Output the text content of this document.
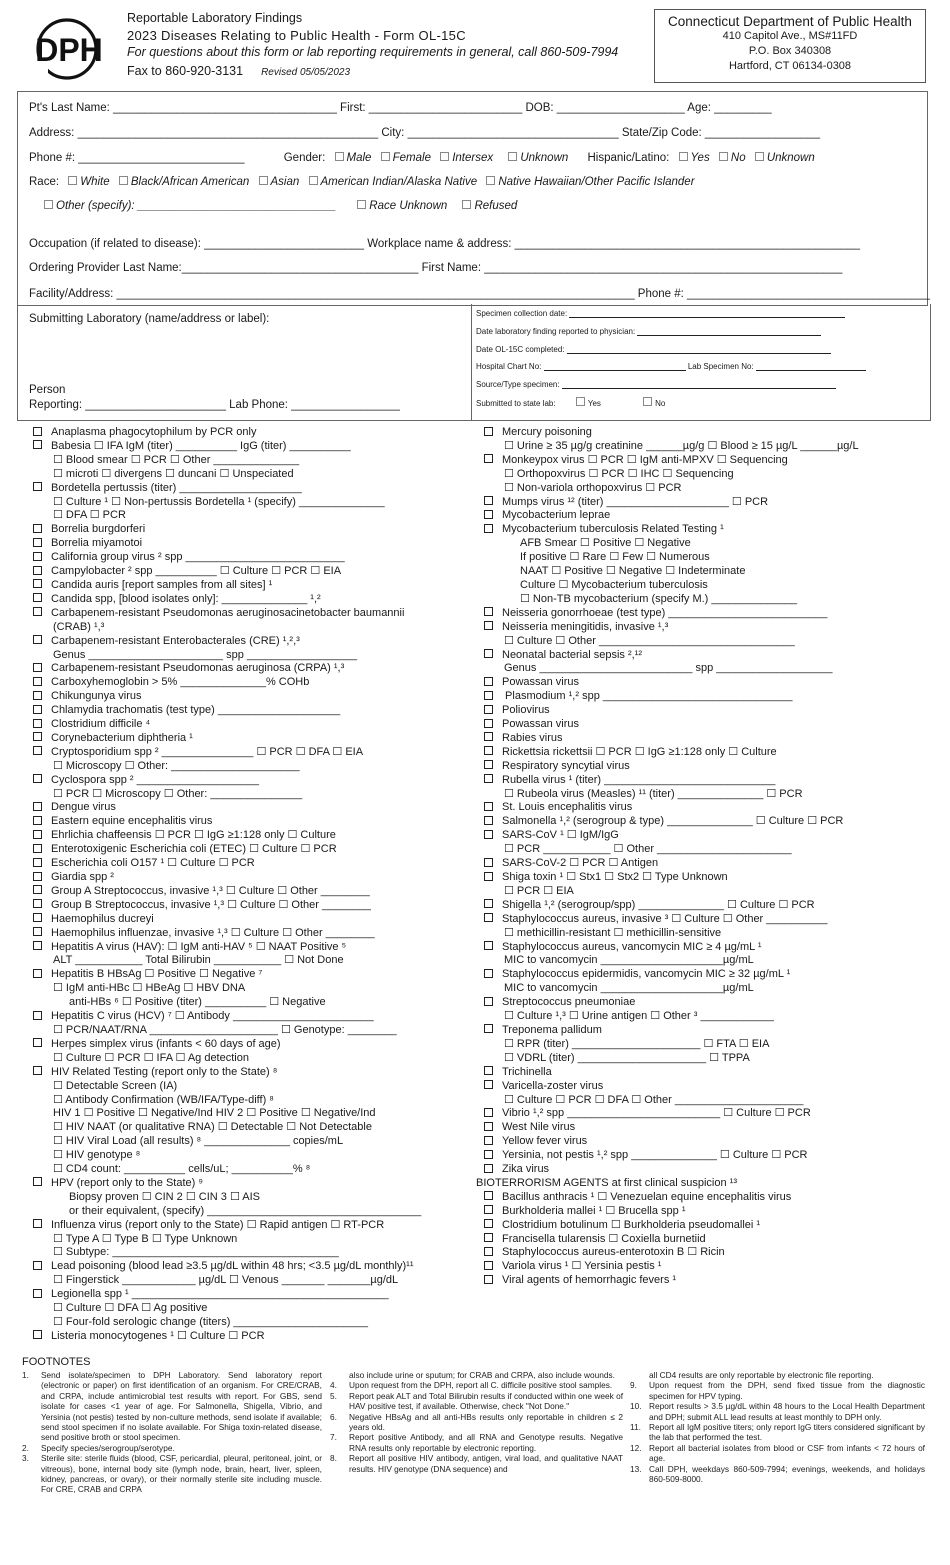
DPH
Reportable Laboratory Findings
2023 Diseases Relating to Public Health - Form OL-15C
For questions about this form or lab reporting requirements in general, call 860-509-7994
Fax to 860-920-3131 Revised 05/05/2023
Connecticut Department of Public Health
410 Capitol Ave., MS#11FD
P.O. Box 340308
Hartford, CT 06134-0308
Pt's Last Name: ___________________________________ First: ________________________ DOB: ____________________ Age: _________
Address: _______________________________________________ City: _________________________________ State/Zip Code: __________________
Phone #: __________________________	Gender: Male Female Intersex Unknown Hispanic/Latino: Yes No Unknown
Race: White Black/African American Asian American Indian/Alaska Native Native Hawaiian/Other Pacific Islander
Other (specify): _______________________________	Race Unknown Refused
Occupation (if related to disease): _________________________ Workplace name & address: ______________________________________________________
Ordering Provider Last Name:_____________________________________ First Name: ________________________________________________________
Facility/Address: _________________________________________________________________________________ Phone #: ______________________________________
Submitting Laboratory (name/address or label):
Person
Reporting: ______________________ Lab Phone: _________________
Specimen collection date:
Date laboratory finding reported to physician:
Date OL-15C completed:
Hospital Chart No:	Lab Specimen No:
Source/Type specimen:
Submitted to state lab:	Yes	No
Anaplasma phagocytophilum by PCR only
Babesia ☐ IFA IgM (titer) __________ IgG (titer) __________
☐ Blood smear ☐ PCR ☐ Other ______________
☐ microti ☐ divergens ☐ duncani ☐ Unspeciated
Bordetella pertussis (titer) ____________________
☐ Culture ¹ ☐ Non-pertussis Bordetella ¹ (specify) ______________
☐ DFA ☐ PCR
Borrelia burgdorferi
Borrelia miyamotoi
California group virus ² spp __________________________
Campylobacter ² spp __________ ☐ Culture ☐ PCR ☐ EIA
Candida auris [report samples from all sites] ¹
Candida spp, [blood isolates only]: ______________ ¹,²
Carbapenem-resistant Pseudomonas aeruginosa​cinetobacter baumannii
(CRAB) ¹,³
Carbapenem-resistant Enterobacterales (CRE) ¹,²,³
Genus ______________________ spp __________________
Carbapenem-resistant Pseudomonas aeruginosa (CRPA) ¹,³
Carboxyhemoglobin > 5% ______________% COHb
Chikungunya virus
Chlamydia trachomatis (test type) ____________________
Clostridium difficile ⁴
Corynebacterium diphtheria ¹
Cryptosporidium spp ² _______________ ☐ PCR ☐ DFA ☐ EIA
☐ Microscopy ☐ Other: _____________________
Cyclospora spp ² ____________________
☐ PCR ☐ Microscopy ☐ Other: _______________
Dengue virus
Eastern equine encephalitis virus
Ehrlichia chaffeensis ☐ PCR ☐ IgG ≥1:128 only ☐ Culture
Enterotoxigenic Escherichia coli (ETEC) ☐ Culture ☐ PCR
Escherichia coli O157 ¹ ☐ Culture ☐ PCR
Giardia spp ²
Group A Streptococcus, invasive ¹,³ ☐ Culture ☐ Other ________
Group B Streptococcus, invasive ¹,³ ☐ Culture ☐ Other ________
Haemophilus ducreyi
Haemophilus influenzae, invasive ¹,³ ☐ Culture ☐ Other ________
Hepatitis A virus (HAV): ☐ IgM anti-HAV ⁵ ☐ NAAT Positive ⁵
ALT ___________ Total Bilirubin ___________ ☐ Not Done
Hepatitis B HBsAg ☐ Positive ☐ Negative ⁷
☐ IgM anti-HBc ☐ HBeAg ☐ HBV DNA
anti-HBs ⁶ ☐ Positive (titer) __________ ☐ Negative
Hepatitis C virus (HCV) ⁷ ☐ Antibody _______________________
☐ PCR/NAAT/RNA _____________________ ☐ Genotype: ________
Herpes simplex virus (infants < 60 days of age)
☐ Culture ☐ PCR ☐ IFA ☐ Ag detection
HIV Related Testing (report only to the State) ⁸
☐ Detectable Screen (IA)
☐ Antibody Confirmation (WB/IFA/Type-diff) ⁸
HIV 1 ☐ Positive ☐ Negative/Ind HIV 2 ☐ Positive ☐ Negative/Ind
☐ HIV NAAT (or qualitative RNA) ☐ Detectable ☐ Not Detectable
☐ HIV Viral Load (all results) ⁸ ______________ copies/mL
☐ HIV genotype ⁸
☐ CD4 count: __________ cells/uL; __________% ⁸
HPV (report only to the State) ⁹
Biopsy proven ☐ CIN 2 ☐ CIN 3 ☐ AIS
or their equivalent, (specify) ___________________________________
Influenza virus (report only to the State) ☐ Rapid antigen ☐ RT-PCR
☐ Type A ☐ Type B ☐ Type Unknown
☐ Subtype: _____________________________________
Lead poisoning (blood lead ≥3.5 µg/dL within 48 hrs; <3.5 µg/dL monthly)¹¹
☐ Fingerstick ____________ µg/dL ☐ Venous _______ _______µg/dL
Legionella spp ¹ __________________________________________
☐ Culture ☐ DFA ☐ Ag positive
☐ Four-fold serologic change (titers) ______________________
Listeria monocytogenes ¹ ☐ Culture ☐ PCR
Mercury poisoning
☐ Urine ≥ 35 µg/g creatinine ______µg/g ☐ Blood ≥ 15 µg/L ______µg/L
Monkeypox virus ☐ PCR ☐ IgM anti-MPXV ☐ Sequencing
☐ Orthopoxvirus ☐ PCR ☐ IHC ☐ Sequencing
☐ Non-variola orthopoxvirus ☐ PCR
Mumps virus ¹² (titer) ____________________ ☐ PCR
Mycobacterium leprae
Mycobacterium tuberculosis Related Testing ¹
AFB Smear ☐ Positive ☐ Negative
If positive ☐ Rare ☐ Few ☐ Numerous
NAAT ☐ Positive ☐ Negative ☐ Indeterminate
Culture ☐ Mycobacterium tuberculosis
☐ Non-TB mycobacterium (specify M.) ______________
Neisseria gonorrhoeae (test type) __________________________
Neisseria meningitidis, invasive ¹,³
☐ Culture ☐ Other ________________________________
Neonatal bacterial sepsis ²,¹²
Genus _________________________ spp ___________________
Powassan virus
Plasmodium ¹,² spp _______________________________
Poliovirus
Powassan virus
Rabies virus
Rickettsia rickettsii ☐ PCR ☐ IgG ≥1:128 only ☐ Culture
Respiratory syncytial virus
Rubella virus ¹ (titer) ____________________________
☐ Rubeola virus (Measles) ¹¹ (titer) ______________ ☐ PCR
St. Louis encephalitis virus
Salmonella ¹,² (serogroup & type) ______________ ☐ Culture ☐ PCR
SARS-CoV ¹ ☐ IgM/IgG
☐ PCR ___________ ☐ Other ______________________
SARS-CoV-2 ☐ PCR ☐ Antigen
Shiga toxin ¹ ☐ Stx1 ☐ Stx2 ☐ Type Unknown
☐ PCR ☐ EIA
Shigella ¹,² (serogroup/spp) ______________ ☐ Culture ☐ PCR
Staphylococcus aureus, invasive ³ ☐ Culture ☐ Other __________
☐ methicillin-resistant ☐ methicillin-sensitive
Staphylococcus aureus, vancomycin MIC ≥ 4 µg/mL ¹
MIC to vancomycin ____________________µg/mL
Staphylococcus epidermidis, vancomycin MIC ≥ 32 µg/mL ¹
MIC to vancomycin ____________________µg/mL
Streptococcus pneumoniae
☐ Culture ¹,³ ☐ Urine antigen ☐ Other ³ ____________
Treponema pallidum
☐ RPR (titer) _____________________ ☐ FTA ☐ EIA
☐ VDRL (titer) _____________________ ☐ TPPA
Trichinella
Varicella-zoster virus
☐ Culture ☐ PCR ☐ DFA ☐ Other _____________________
Vibrio ¹,² spp _________________________ ☐ Culture ☐ PCR
West Nile virus
Yellow fever virus
Yersinia, not pestis ¹,² spp ______________ ☐ Culture ☐ PCR
Zika virus
BIOTERRORISM AGENTS at first clinical suspicion ¹³
Bacillus anthracis ¹ ☐ Venezuelan equine encephalitis virus
Burkholderia mallei ¹ ☐ Brucella spp ¹
Clostridium botulinum ☐ Burkholderia pseudomallei ¹
Francisella tularensis ☐ Coxiella burnetiid
Staphylococcus aureus-enterotoxin B ☐ Ricin
Variola virus ¹ ☐ Yersinia pestis ¹
Viral agents of hemorrhagic fevers ¹
FOOTNOTES
1. Send isolate/specimen to DPH Laboratory. Send laboratory report (electronic or paper) on first identification of an organism. For CRE/CRAB, and CRPA, include antimicrobial test results with report. For GBS, send isolate for cases <1 year of age. For Salmonella, Shigella, Vibrio, and Yersinia (not pestis) tested by non-culture methods, send isolate if available; send stool specimen if no isolate available. For Shiga toxin-related disease, send positive broth or stool specimen.
2. Specify species/serogroup/serotype.
3. Sterile site: sterile fluids (blood, CSF, pericardial, pleural, peritoneal, joint, or vitreous), bone, internal body site (lymph node, brain, heart, liver, spleen, kidney, pancreas, or ovary), or their normally sterile site including muscle. For CRE, CRAB and CRPA
also include urine or sputum; for CRAB and CRPA, also include wounds.
4. Upon request from the DPH, report all C. difficile positive stool samples.
5. Report peak ALT and Total Bilirubin results if conducted within one week of HAV positive test, if available. Otherwise, check "Not Done."
6. Negative HBsAg and all anti-HBs results only reportable in children ≤ 2 years old.
7. Report positive Antibody, and all RNA and Genotype results. Negative RNA results only reportable by electronic reporting.
8. Report all positive HIV antibody, antigen, viral load, and qualitative NAAT results. HIV genotype (DNA sequence) and
all CD4 results are only reportable by electronic file reporting.
9. Upon request from the DPH, send fixed tissue from the diagnostic specimen for HPV typing.
10. Report results > 3.5 µg/dL within 48 hours to the Local Health Department and DPH; submit ALL lead results at least monthly to DPH only.
11. Report all IgM positive titers; only report IgG titers considered significant by the lab that performed the test.
12. Report all bacterial isolates from blood or CSF from infants < 72 hours of age.
13. Call DPH, weekdays 860-509-7994; evenings, weekends, and holidays 860-509-8000.
